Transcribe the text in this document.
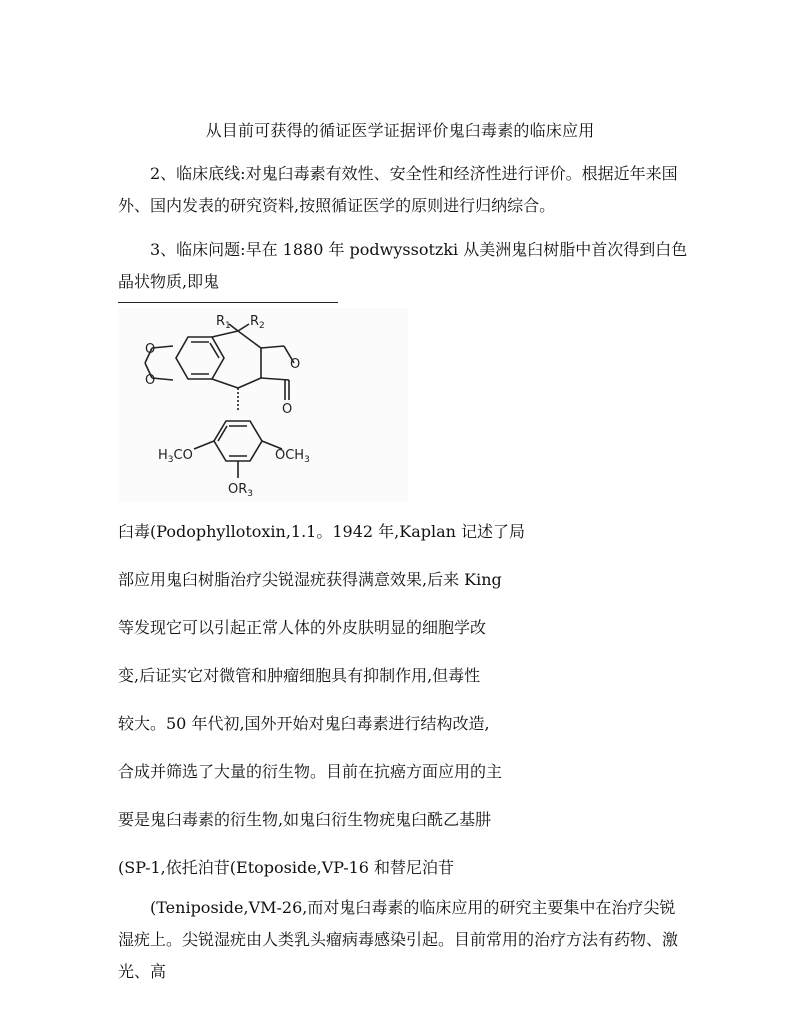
从目前可获得的循证医学证据评价鬼臼毒素的临床应用
2、临床底线:对鬼臼毒素有效性、安全性和经济性进行评价。根据近年来国外、国内发表的研究资料,按照循证医学的原则进行归纳综合。
3、临床问题:早在 1880 年 podwyssotzki 从美洲鬼臼树脂中首次得到白色晶状物质,即鬼
O
O
O
O
R1 R2
H3CO	OCH3
OR3
臼毒(Podophyllotoxin,1.1。1942 年,Kaplan 记述了局
部应用鬼臼树脂治疗尖锐湿疣获得满意效果,后来 King
等发现它可以引起正常人体的外皮肤明显的细胞学改
变,后证实它对微管和肿瘤细胞具有抑制作用,但毒性
较大。50 年代初,国外开始对鬼臼毒素进行结构改造,
合成并筛选了大量的衍生物。目前在抗癌方面应用的主
要是鬼臼毒素的衍生物,如鬼臼衍生物疣鬼臼酰乙基肼
(SP-1,依托泊苷(Etoposide,VP-16 和替尼泊苷
(Teniposide,VM-26,而对鬼臼毒素的临床应用的研究主要集中在治疗尖锐湿疣上。尖锐湿疣由人类乳头瘤病毒感染引起。目前常用的治疗方法有药物、激光、高
